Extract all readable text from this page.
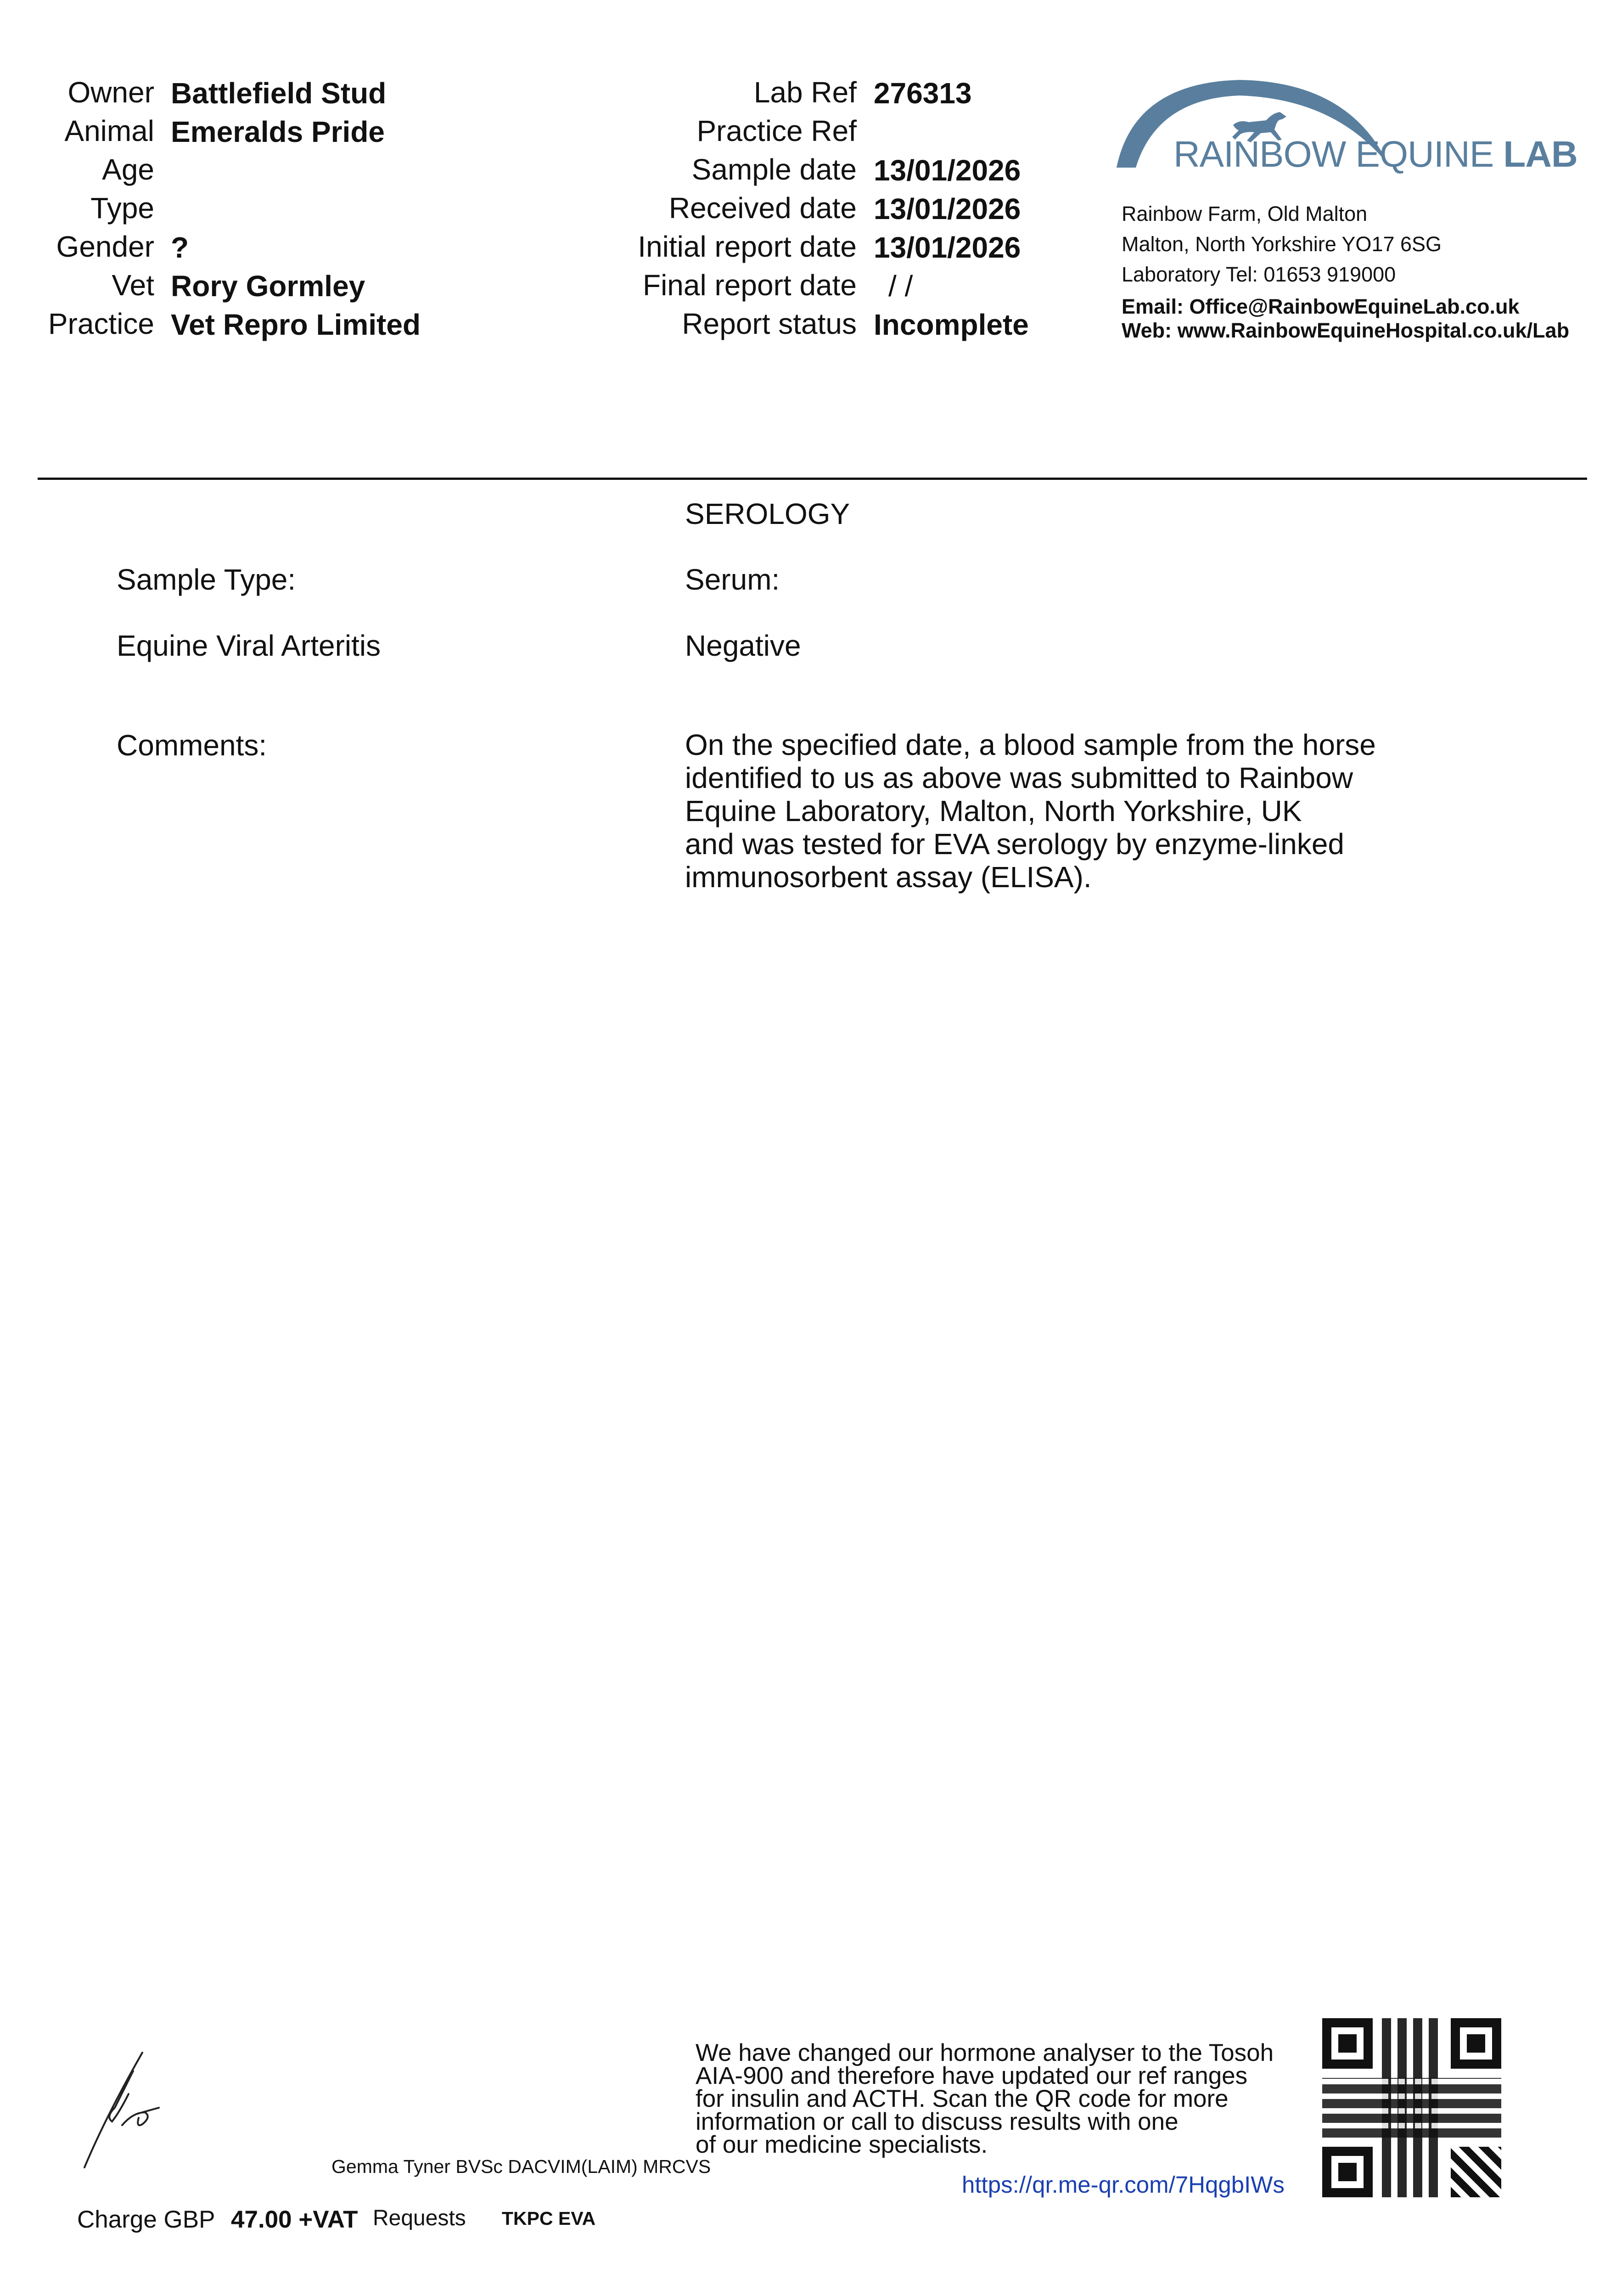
Owner Battlefield Stud
Animal Emeralds Pride
Age
Type
Gender ?
Vet Rory Gormley
Practice Vet Repro Limited
Lab Ref 276313
Practice Ref
Sample date 13/01/2026
Received date 13/01/2026
Initial report date 13/01/2026
Final report date / /
Report status Incomplete
RAINBOW EQUINE LAB
Rainbow Farm, Old Malton
Malton, North Yorkshire YO17 6SG
Laboratory Tel: 01653 919000
Email: Office@RainbowEquineLab.co.uk
Web: www.RainbowEquineHospital.co.uk/Lab
SEROLOGY
Sample Type:	Serum:
Equine Viral Arteritis	Negative
Comments:	On the specified date, a blood sample from the horse
identified to us as above was submitted to Rainbow
Equine Laboratory, Malton, North Yorkshire, UK
and was tested for EVA serology by enzyme-linked
immunosorbent assay (ELISA).
Gemma Tyner BVSc DACVIM(LAIM) MRCVS
We have changed our hormone analyser to the Tosoh
AIA-900 and therefore have updated our ref ranges
for insulin and ACTH. Scan the QR code for more
information or call to discuss results with one
of our medicine specialists.
https://qr.me-qr.com/7HqgbIWs
Charge GBP 47.00 +VAT Requests TKPC EVA
